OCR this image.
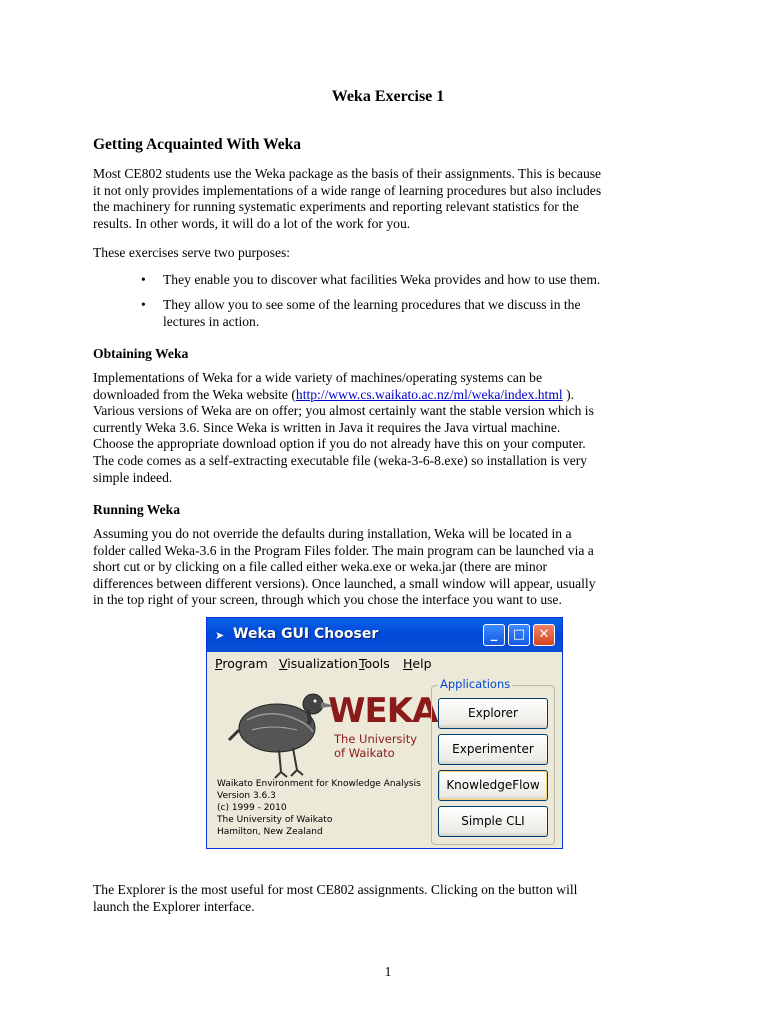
Weka Exercise 1
Getting Acquainted With Weka
Most CE802 students use the Weka package as the basis of their assignments. This is because
it not only provides implementations of a wide range of learning procedures but also includes
the machinery for running systematic experiments and reporting relevant statistics for the
results. In other words, it will do a lot of the work for you.
These exercises serve two purposes:
• They enable you to discover what facilities Weka provides and how to use them.
• They allow you to see some of the learning procedures that we discuss in the
lectures in action.
Obtaining Weka
Implementations of Weka for a wide variety of machines/operating systems can be
downloaded from the Weka website (http://www.cs.waikato.ac.nz/ml/weka/index.html ).
Various versions of Weka are on offer; you almost certainly want the stable version which is
currently Weka 3.6. Since Weka is written in Java it requires the Java virtual machine.
Choose the appropriate download option if you do not already have this on your computer.
The code comes as a self-extracting executable file (weka-3-6-8.exe) so installation is very
simple indeed.
Running Weka
Assuming you do not override the defaults during installation, Weka will be located in a
folder called Weka-3.6 in the Program Files folder. The main program can be launched via a
short cut or by clicking on a file called either weka.exe or weka.jar (there are minor
differences between different versions). Once launched, a small window will appear, usually
in the top right of your screen, through which you chose the interface you want to use.
The Explorer is the most useful for most CE802 assignments. Clicking on the button will
launch the Explorer interface.
1
➤ Weka GUI Chooser	_	□	✕
Program Visualization Tools Help
WEKA
The University
of Waikato
Waikato Environment for Knowledge Analysis
Version 3.6.3
(c) 1999 - 2010
The University of Waikato
Hamilton, New Zealand
Applications
Explorer
Experimenter
KnowledgeFlow
Simple CLI
